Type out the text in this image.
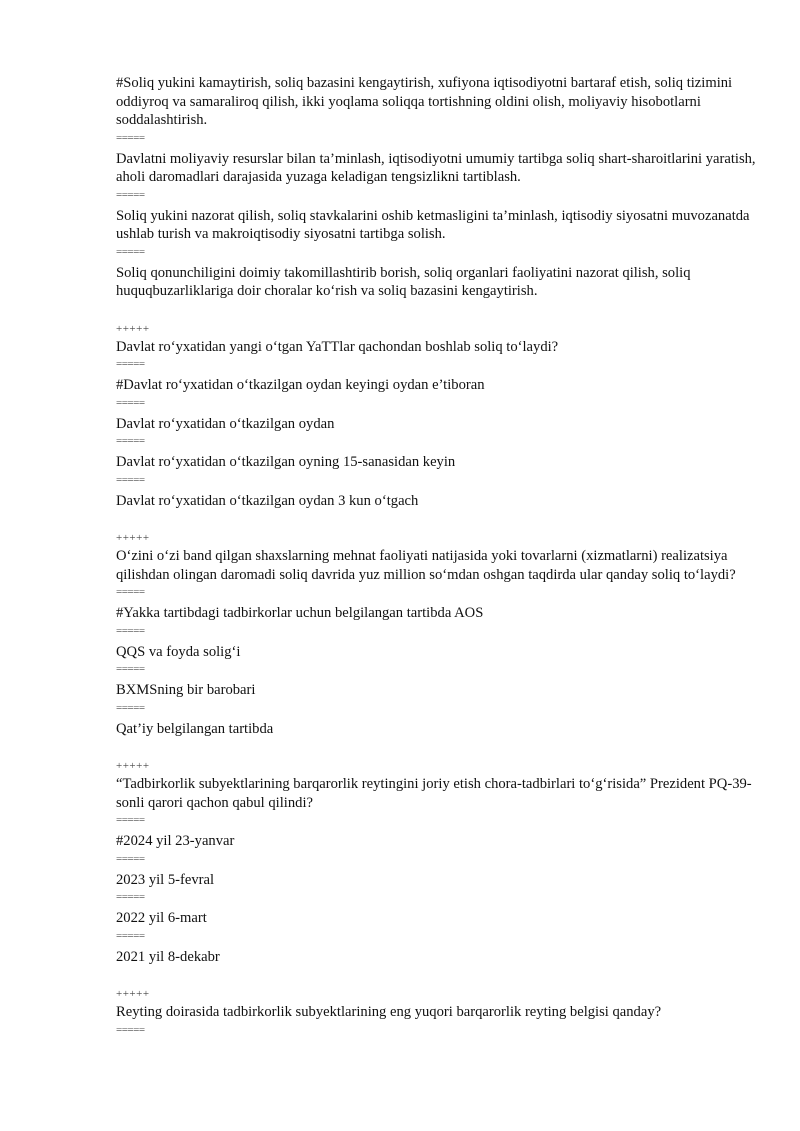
#Soliq yukini kamaytirish, soliq bazasini kengaytirish, xufiyona iqtisodiyotni bartaraf etish, soliq tizimini oddiyroq va samaraliroq qilish, ikki yoqlama soliqqa tortishning oldini olish, moliyaviy hisobotlarni soddalashtirish.
=====
Davlatni moliyaviy resurslar bilan ta’minlash, iqtisodiyotni umumiy tartibga soliq shart-sharoitlarini yaratish, aholi daromadlari darajasida yuzaga keladigan tengsizlikni tartiblash.
=====
Soliq yukini nazorat qilish, soliq stavkalarini oshib ketmasligini ta’minlash, iqtisodiy siyosatni muvozanatda ushlab turish va makroiqtisodiy siyosatni tartibga solish.
=====
Soliq qonunchiligini doimiy takomillashtirib borish, soliq organlari faoliyatini nazorat qilish, soliq huquqbuzarliklariga doir choralar ko‘rish va soliq bazasini kengaytirish.
+++++
Davlat ro‘yxatidan yangi o‘tgan YaTTlar qachondan boshlab soliq to‘laydi?
=====
#Davlat ro‘yxatidan o‘tkazilgan oydan keyingi oydan e’tiboran
=====
Davlat ro‘yxatidan o‘tkazilgan oydan
=====
Davlat ro‘yxatidan o‘tkazilgan oyning 15-sanasidan keyin
=====
Davlat ro‘yxatidan o‘tkazilgan oydan 3 kun o‘tgach
+++++
O‘zini o‘zi band qilgan shaxslarning mehnat faoliyati natijasida yoki tovarlarni (xizmatlarni) realizatsiya qilishdan olingan daromadi soliq davrida yuz million so‘mdan oshgan taqdirda ular qanday soliq to‘laydi?
=====
#Yakka tartibdagi tadbirkorlar uchun belgilangan tartibda AOS
=====
QQS va foyda solig‘i
=====
BXMSning bir barobari
=====
Qat’iy belgilangan tartibda
+++++
“Tadbirkorlik subyektlarining barqarorlik reytingini joriy etish chora-tadbirlari to‘g‘risida” Prezident PQ-39-sonli qarori qachon qabul qilindi?
=====
#2024 yil 23-yanvar
=====
2023 yil 5-fevral
=====
2022 yil 6-mart
=====
2021 yil 8-dekabr
+++++
Reyting doirasida tadbirkorlik subyektlarining eng yuqori barqarorlik reyting belgisi qanday?
=====
